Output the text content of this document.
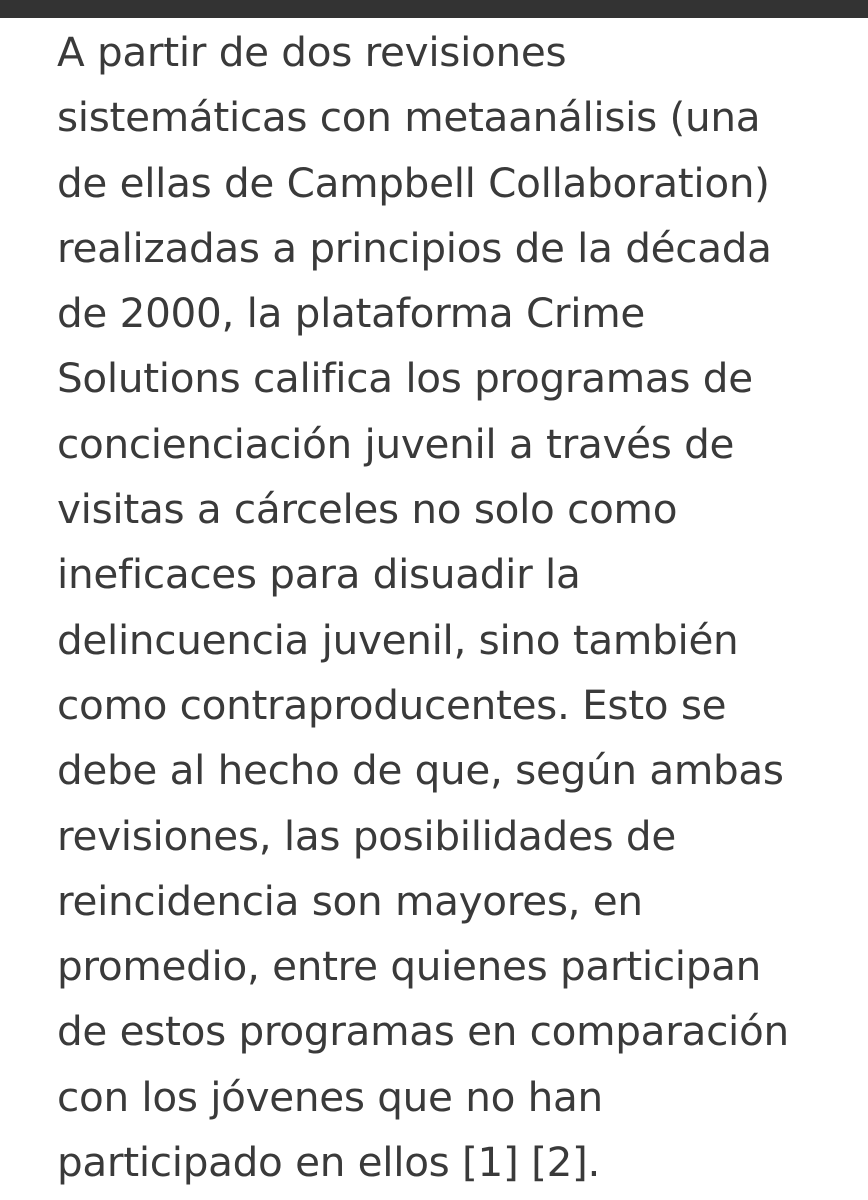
A partir de dos revisiones
sistemáticas con metaanálisis (una
de ellas de Campbell Collaboration)
realizadas a principios de la década
de 2000, la plataforma Crime
Solutions califica los programas de
concienciación juvenil a través de
visitas a cárceles no solo como
ineficaces para disuadir la
delincuencia juvenil, sino también
como contraproducentes. Esto se
debe al hecho de que, según ambas
revisiones, las posibilidades de
reincidencia son mayores, en
promedio, entre quienes participan
de estos programas en comparación
con los jóvenes que no han
participado en ellos [1] [2].
